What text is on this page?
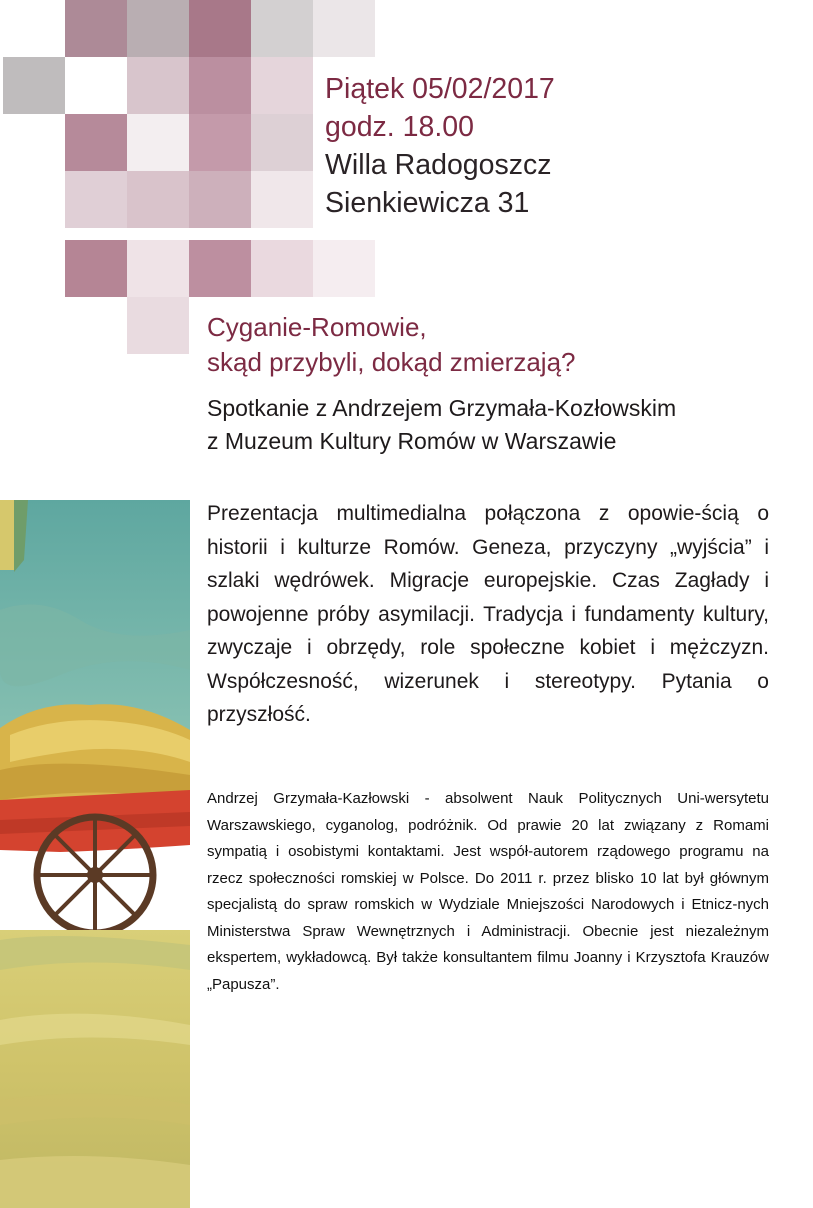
Piątek 05/02/2017
godz. 18.00
Willa Radogoszcz
Sienkiewicza 31
Cyganie-Romowie,
skąd przybyli, dokąd zmierzają?
Spotkanie z Andrzejem Grzymała-Kozłowskim
z Muzeum Kultury Romów w Warszawie
Prezentacja multimedialna połączona z opowie-ścią o historii i kulturze Romów. Geneza, przyczyny „wyjścia” i szlaki wędrówek. Migracje europejskie. Czas Zagłady i powojenne próby asymilacji. Tradycja i fundamenty kultury, zwyczaje i obrzędy, role społeczne kobiet i mężczyzn. Współczesność, wizerunek i stereotypy. Pytania o przyszłość.
Andrzej Grzymała-Kazłowski - absolwent Nauk Politycznych Uni-wersytetu Warszawskiego, cyganolog, podróżnik. Od prawie 20 lat związany z Romami sympatią i osobistymi kontaktami. Jest współ-autorem rządowego programu na rzecz społeczności romskiej w Polsce. Do 2011 r. przez blisko 10 lat był głównym specjalistą do spraw romskich w Wydziale Mniejszości Narodowych i Etnicz-nych Ministerstwa Spraw Wewnętrznych i Administracji. Obecnie jest niezależnym ekspertem, wykładowcą. Był także konsultantem filmu Joanny i Krzysztofa Krauzów „Papusza”.
